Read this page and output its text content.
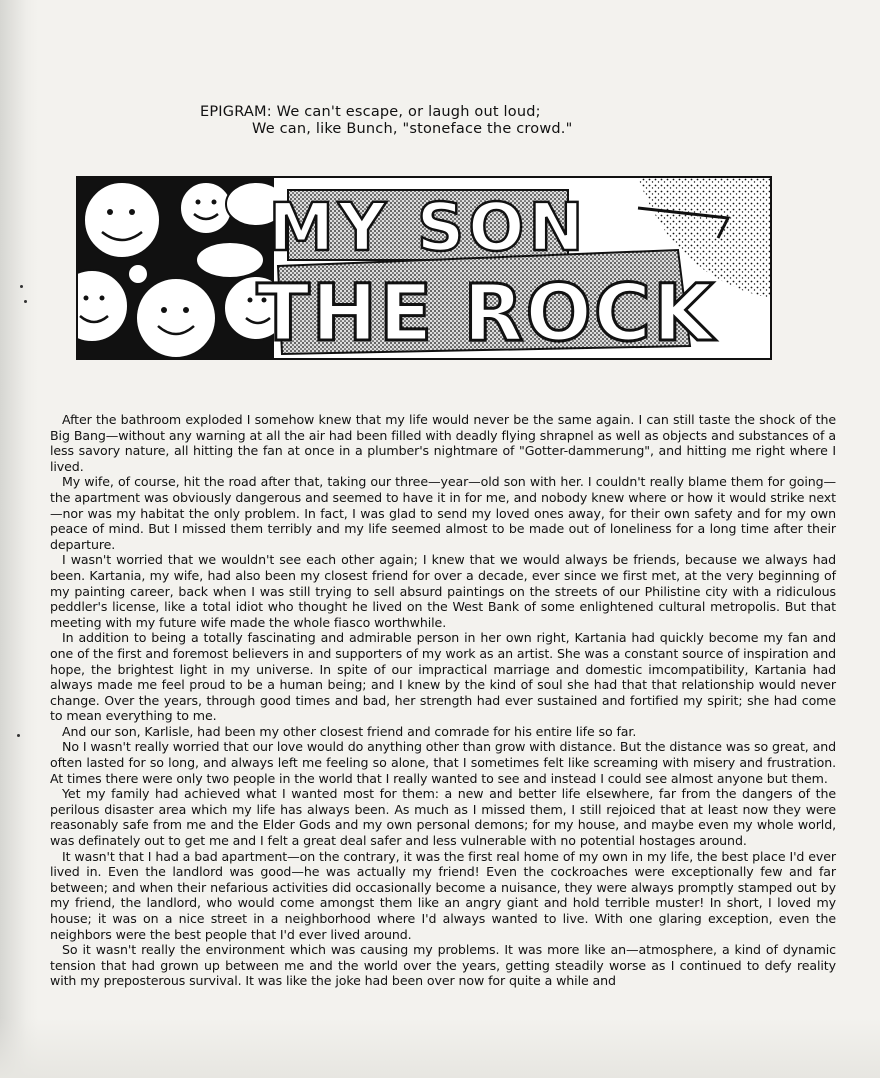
EPIGRAM: We can't escape, or laugh out loud;
We can, like Bunch, "stoneface the crowd."
MY SON
THE ROCK

After the bathroom exploded I somehow knew that my life would never be the same again. I can still taste the shock of the Big Bang—without any warning at all the air had been filled with deadly flying shrapnel as well as objects and substances of a less savory nature, all hitting the fan at once in a plumber's nightmare of "Gotter-dammerung", and hitting me right where I lived.

My wife, of course, hit the road after that, taking our three—year—old son with her. I couldn't really blame them for going—the apartment was obviously dangerous and seemed to have it in for me, and nobody knew where or how it would strike next—nor was my habitat the only problem. In fact, I was glad to send my loved ones away, for their own safety and for my own peace of mind. But I missed them terribly and my life seemed almost to be made out of loneliness for a long time after their departure.

I wasn't worried that we wouldn't see each other again; I knew that we would always be friends, because we always had been. Kartania, my wife, had also been my closest friend for over a decade, ever since we first met, at the very beginning of my painting career, back when I was still trying to sell absurd paintings on the streets of our Philistine city with a ridiculous peddler's license, like a total idiot who thought he lived on the West Bank of some enlightened cultural metropolis. But that meeting with my future wife made the whole fiasco worthwhile.

In addition to being a totally fascinating and admirable person in her own right, Kartania had quickly become my fan and one of the first and foremost believers in and supporters of my work as an artist. She was a constant source of inspiration and hope, the brightest light in my universe. In spite of our impractical marriage and domestic imcompatibility, Kartania had always made me feel proud to be a human being; and I knew by the kind of soul she had that that relationship would never change. Over the years, through good times and bad, her strength had ever sustained and fortified my spirit; she had come to mean everything to me.

And our son, Karlisle, had been my other closest friend and comrade for his entire life so far.

No I wasn't really worried that our love would do anything other than grow with distance. But the distance was so great, and often lasted for so long, and always left me feeling so alone, that I sometimes felt like screaming with misery and frustration. At times there were only two people in the world that I really wanted to see and instead I could see almost anyone but them.

Yet my family had achieved what I wanted most for them: a new and better life elsewhere, far from the dangers of the perilous disaster area which my life has always been. As much as I missed them, I still rejoiced that at least now they were reasonably safe from me and the Elder Gods and my own personal demons; for my house, and maybe even my whole world, was definately out to get me and I felt a great deal safer and less vulnerable with no potential hostages around.

It wasn't that I had a bad apartment—on the contrary, it was the first real home of my own in my life, the best place I'd ever lived in. Even the landlord was good—he was actually my friend! Even the cockroaches were exceptionally few and far between; and when their nefarious activities did occasionally become a nuisance, they were always promptly stamped out by my friend, the landlord, who would come amongst them like an angry giant and hold terrible muster! In short, I loved my house; it was on a nice street in a neighborhood where I'd always wanted to live. With one glaring exception, even the neighbors were the best people that I'd ever lived around.

So it wasn't really the environment which was causing my problems. It was more like an—atmosphere, a kind of dynamic tension that had grown up between me and the world over the years, getting steadily worse as I continued to defy reality with my preposterous survival. It was like the joke had been over now for quite a while and
